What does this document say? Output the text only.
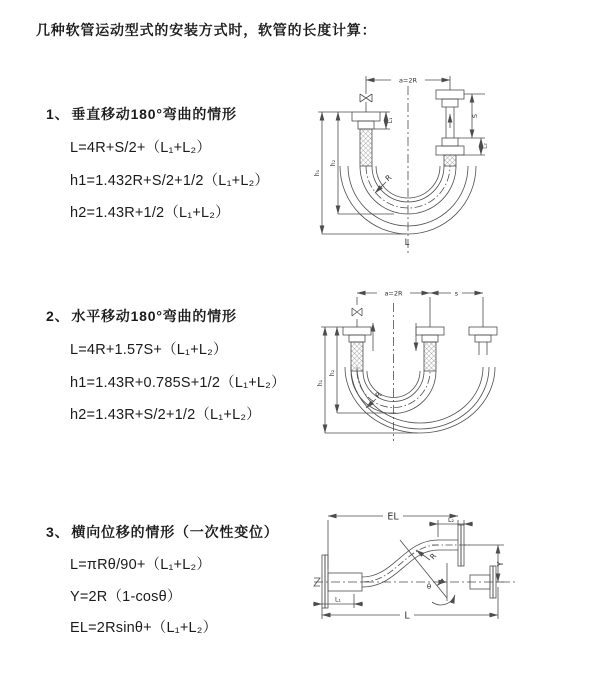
几种软管运动型式的安装方式时，软管的长度计算：
1、 垂直移动180°弯曲的情形
L=4R+S/2+（L₁+L₂）
h1=1.432R+S/2+1/2（L₁+L₂）
h2=1.43R+1/2（L₁+L₂）
a=2R
L₁
S
L₂
h₁
h₂
R
L
2、 水平移动180°弯曲的情形
L=4R+1.57S+（L₁+L₂）
h1=1.43R+0.785S+1/2（L₁+L₂）
h2=1.43R+S/2+1/2（L₁+L₂）
a=2R	s
h₁
h₂
R
3、 横向位移的情形（一次性变位）
L=πRθ/90+（L₁+L₂）
Y=2R（1-cosθ）
EL=2Rsinθ+（L₁+L₂）
EL	L₂
Y
R
θ
L
L₁
